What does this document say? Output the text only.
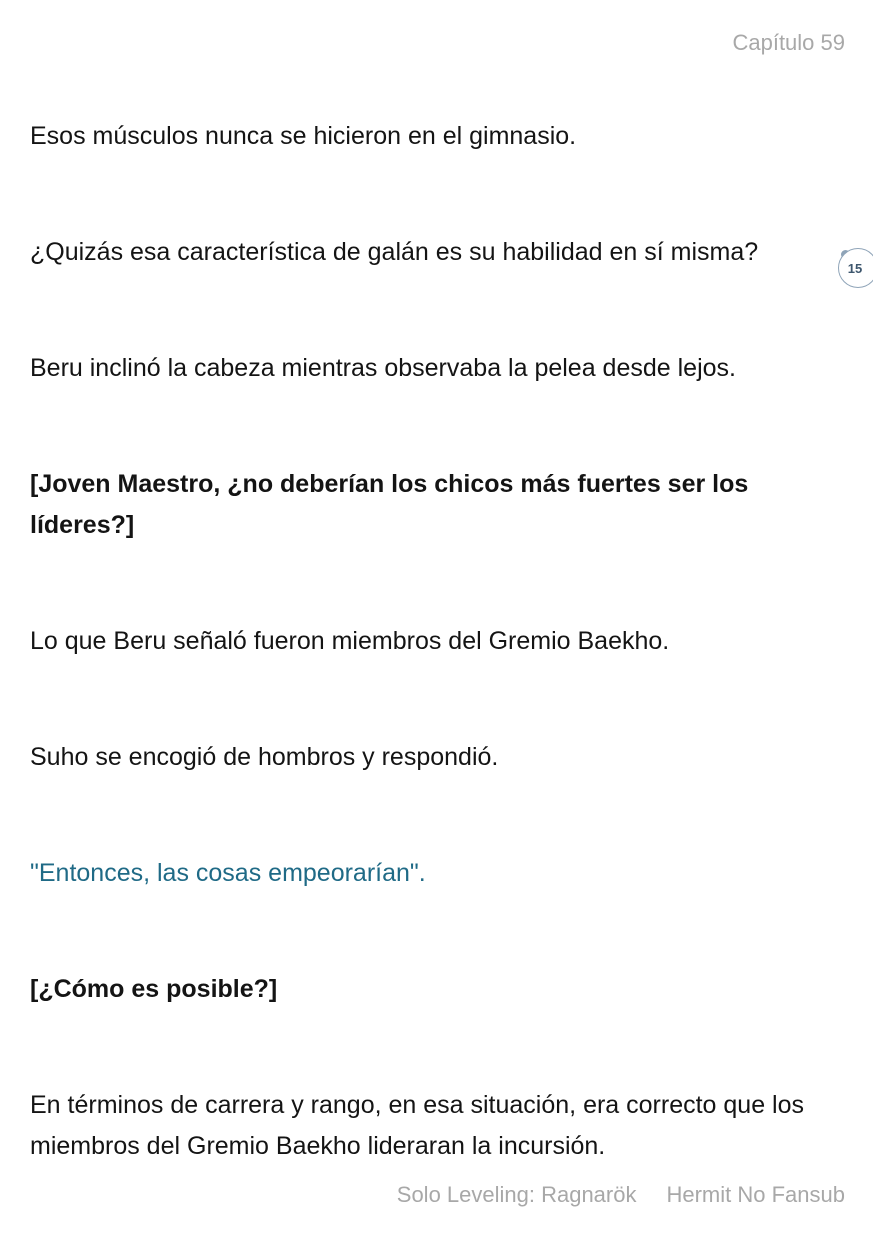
Capítulo 59

Esos músculos nunca se hicieron en el gimnasio.

¿Quizás esa característica de galán es su habilidad en sí misma?

15

Beru inclinó la cabeza mientras observaba la pelea desde lejos.

[Joven Maestro, ¿no deberían los chicos más fuertes ser los líderes?]

Lo que Beru señaló fueron miembros del Gremio Baekho.

Suho se encogió de hombros y respondió.

"Entonces, las cosas empeorarían".

[¿Cómo es posible?]

En términos de carrera y rango, en esa situación, era correcto que los miembros del Gremio Baekho lideraran la incursión.

Solo Leveling: Ragnarök Hermit No Fansub
